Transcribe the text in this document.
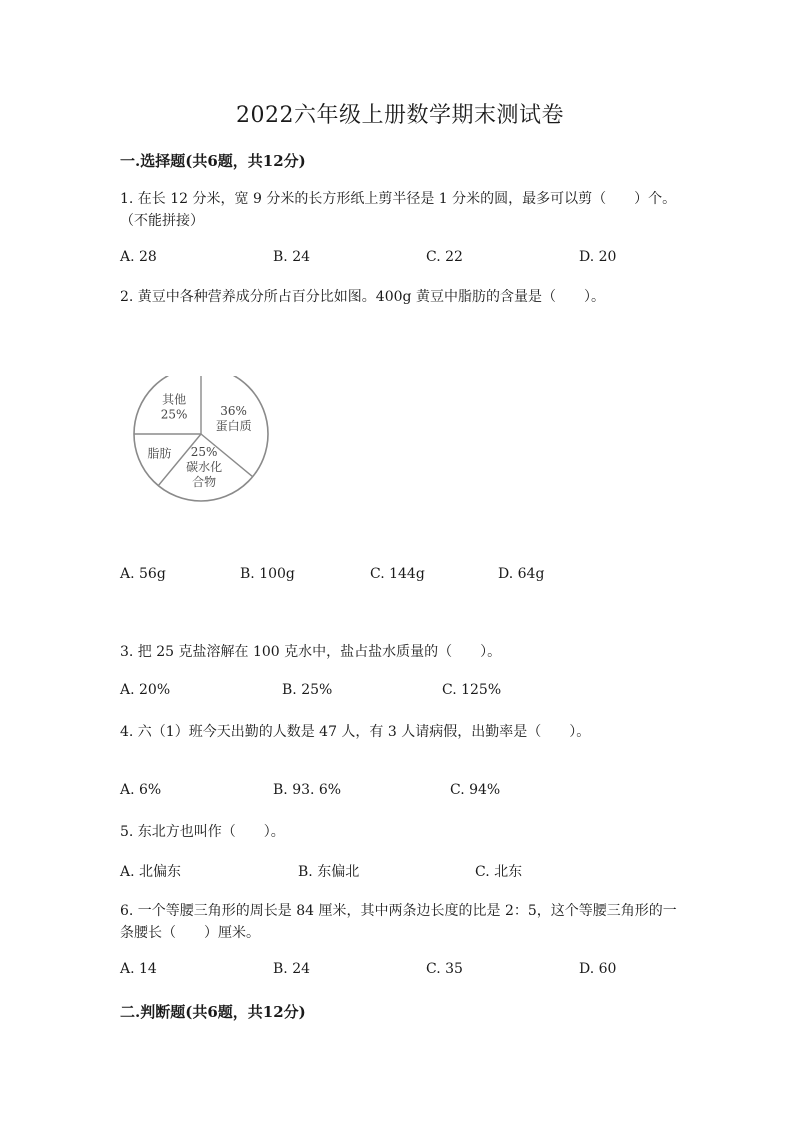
2022六年级上册数学期末测试卷
一.选择题(共6题，共12分)
1. 在长 12 分米，宽 9 分米的长方形纸上剪半径是 1 分米的圆，最多可以剪（　　）个。（不能拼接）
A. 28	B. 24	C. 22	D. 20
2. 黄豆中各种营养成分所占百分比如图。400g 黄豆中脂肪的含量是（　　）。
36%蛋白质
25%碳水化合物
脂肪
其他 25%
A. 56g	B. 100g	C. 144g	D. 64g
3. 把 25 克盐溶解在 100 克水中，盐占盐水质量的（　　）。
A. 20%	B. 25%	C. 125%
4. 六（1）班今天出勤的人数是 47 人，有 3 人请病假，出勤率是（　　）。
A. 6%	B. 93. 6%	C. 94%
5. 东北方也叫作（　　）。
A. 北偏东	B. 东偏北	C. 北东
6. 一个等腰三角形的周长是 84 厘米，其中两条边长度的比是 2：5，这个等腰三角形的一条腰长（　　）厘米。
A. 14	B. 24	C. 35	D. 60
二.判断题(共6题，共12分)
